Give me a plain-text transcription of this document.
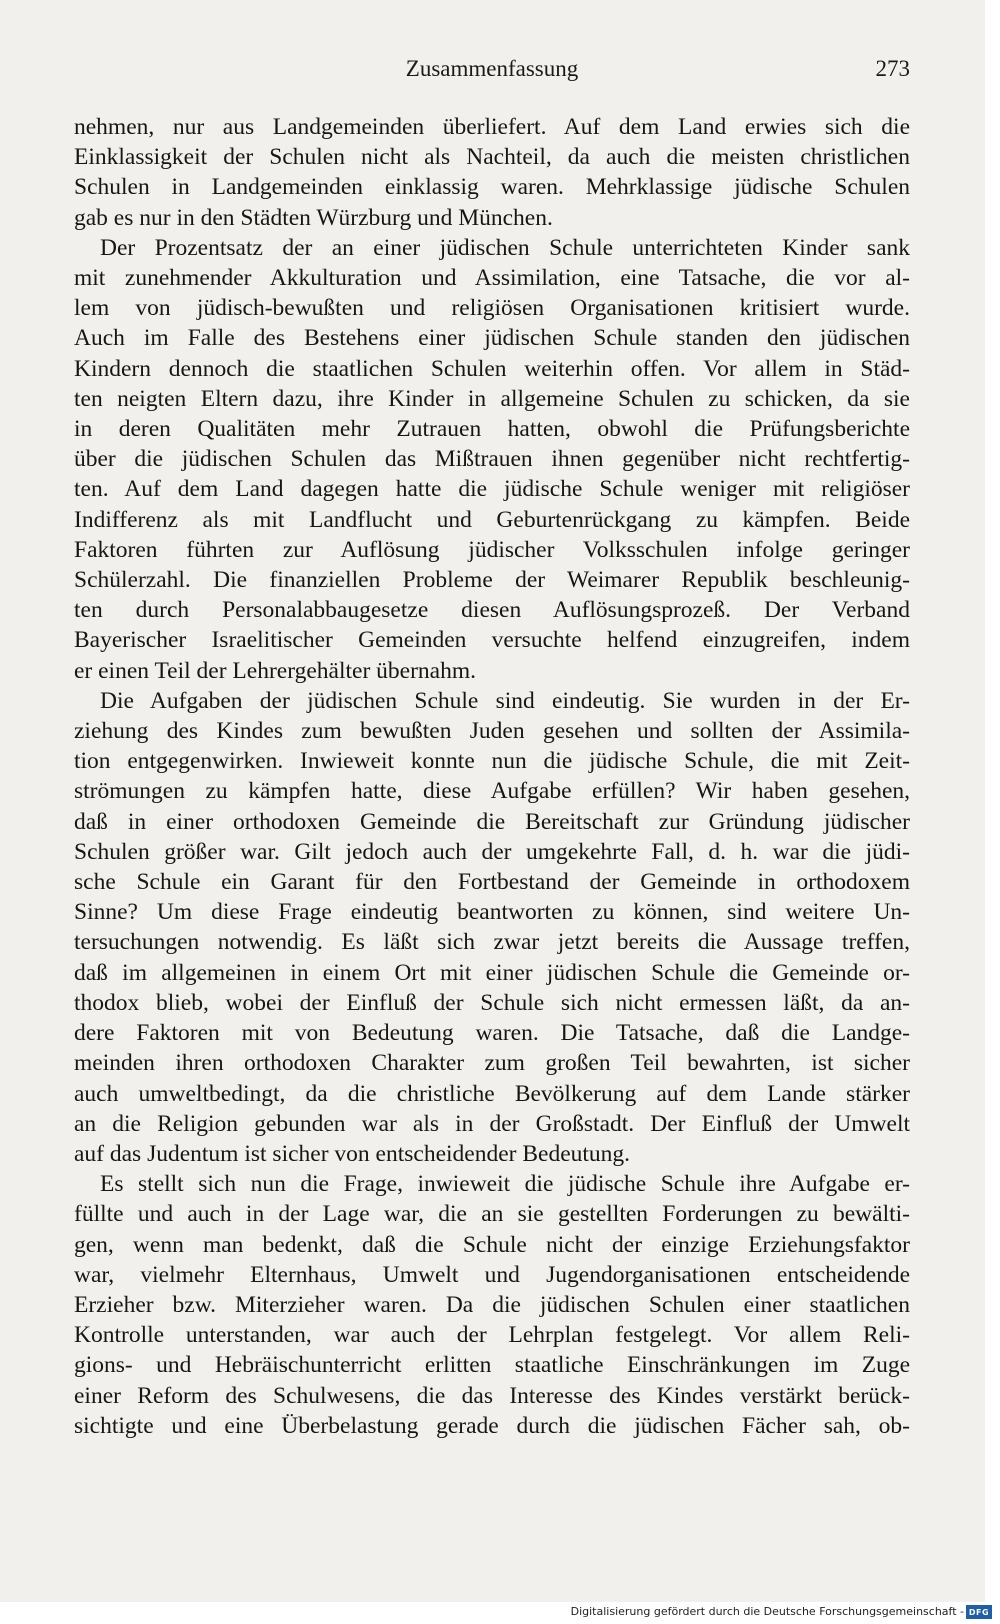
Zusammenfassung	273
nehmen, nur aus Landgemeinden überliefert. Auf dem Land erwies sich die
Einklassigkeit der Schulen nicht als Nachteil, da auch die meisten christlichen
Schulen in Landgemeinden einklassig waren. Mehrklassige jüdische Schulen
gab es nur in den Städten Würzburg und München.
Der Prozentsatz der an einer jüdischen Schule unterrichteten Kinder sank
mit zunehmender Akkulturation und Assimilation, eine Tatsache, die vor al-
lem von jüdisch-bewußten und religiösen Organisationen kritisiert wurde.
Auch im Falle des Bestehens einer jüdischen Schule standen den jüdischen
Kindern dennoch die staatlichen Schulen weiterhin offen. Vor allem in Städ-
ten neigten Eltern dazu, ihre Kinder in allgemeine Schulen zu schicken, da sie
in deren Qualitäten mehr Zutrauen hatten, obwohl die Prüfungsberichte
über die jüdischen Schulen das Mißtrauen ihnen gegenüber nicht rechtfertig-
ten. Auf dem Land dagegen hatte die jüdische Schule weniger mit religiöser
Indifferenz als mit Landflucht und Geburtenrückgang zu kämpfen. Beide
Faktoren führten zur Auflösung jüdischer Volksschulen infolge geringer
Schülerzahl. Die finanziellen Probleme der Weimarer Republik beschleunig-
ten durch Personalabbaugesetze diesen Auflösungsprozeß. Der Verband
Bayerischer Israelitischer Gemeinden versuchte helfend einzugreifen, indem
er einen Teil der Lehrergehälter übernahm.
Die Aufgaben der jüdischen Schule sind eindeutig. Sie wurden in der Er-
ziehung des Kindes zum bewußten Juden gesehen und sollten der Assimila-
tion entgegenwirken. Inwieweit konnte nun die jüdische Schule, die mit Zeit-
strömungen zu kämpfen hatte, diese Aufgabe erfüllen? Wir haben gesehen,
daß in einer orthodoxen Gemeinde die Bereitschaft zur Gründung jüdischer
Schulen größer war. Gilt jedoch auch der umgekehrte Fall, d. h. war die jüdi-
sche Schule ein Garant für den Fortbestand der Gemeinde in orthodoxem
Sinne? Um diese Frage eindeutig beantworten zu können, sind weitere Un-
tersuchungen notwendig. Es läßt sich zwar jetzt bereits die Aussage treffen,
daß im allgemeinen in einem Ort mit einer jüdischen Schule die Gemeinde or-
thodox blieb, wobei der Einfluß der Schule sich nicht ermessen läßt, da an-
dere Faktoren mit von Bedeutung waren. Die Tatsache, daß die Landge-
meinden ihren orthodoxen Charakter zum großen Teil bewahrten, ist sicher
auch umweltbedingt, da die christliche Bevölkerung auf dem Lande stärker
an die Religion gebunden war als in der Großstadt. Der Einfluß der Umwelt
auf das Judentum ist sicher von entscheidender Bedeutung.
Es stellt sich nun die Frage, inwieweit die jüdische Schule ihre Aufgabe er-
füllte und auch in der Lage war, die an sie gestellten Forderungen zu bewälti-
gen, wenn man bedenkt, daß die Schule nicht der einzige Erziehungsfaktor
war, vielmehr Elternhaus, Umwelt und Jugendorganisationen entscheidende
Erzieher bzw. Miterzieher waren. Da die jüdischen Schulen einer staatlichen
Kontrolle unterstanden, war auch der Lehrplan festgelegt. Vor allem Reli-
gions- und Hebräischunterricht erlitten staatliche Einschränkungen im Zuge
einer Reform des Schulwesens, die das Interesse des Kindes verstärkt berück-
sichtigte und eine Überbelastung gerade durch die jüdischen Fächer sah, ob-
Digitalisierung gefördert durch die Deutsche Forschungsgemeinschaft - DFG
